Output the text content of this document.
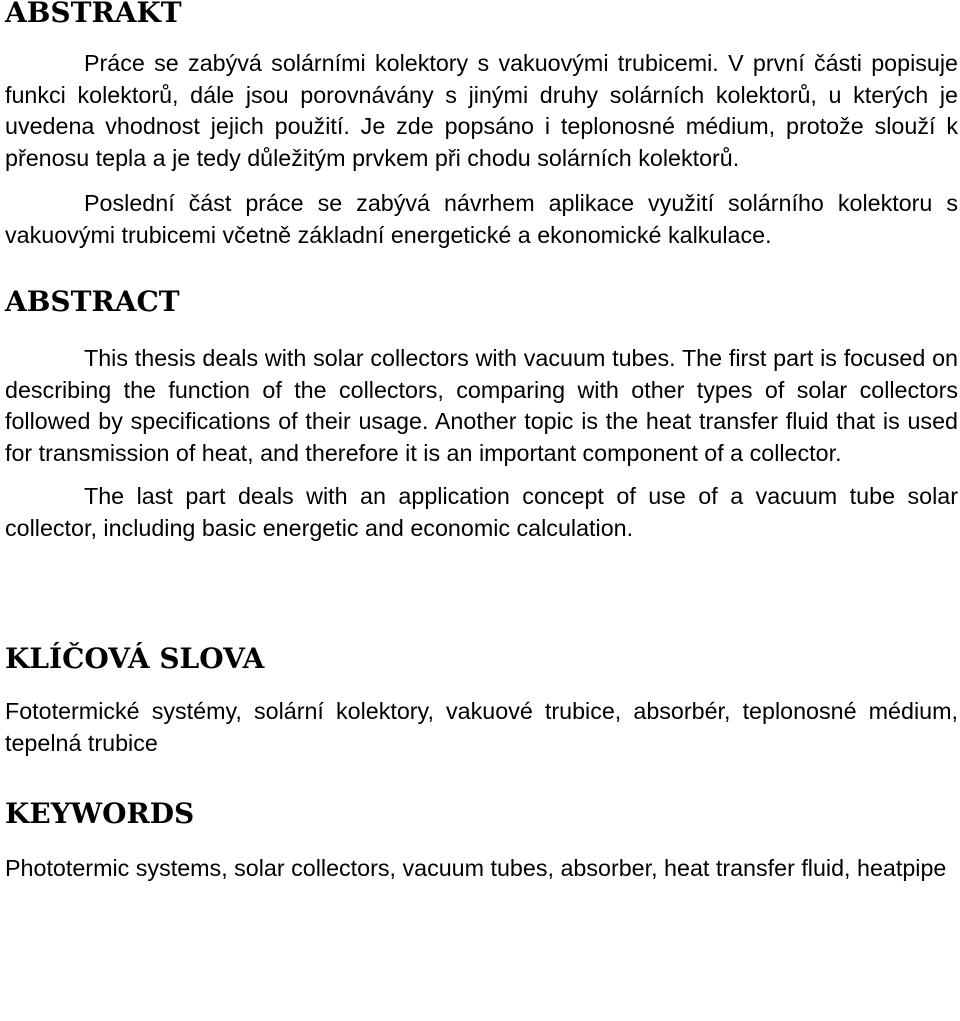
ABSTRAKT

Práce se zabývá solárními kolektory s vakuovými trubicemi. V první části popisuje funkci kolektorů, dále jsou porovnávány s jinými druhy solárních kolektorů, u kterých je uvedena vhodnost jejich použití. Je zde popsáno i teplonosné médium, protože slouží k přenosu tepla a je tedy důležitým prvkem při chodu solárních kolektorů.

Poslední část práce se zabývá návrhem aplikace využití solárního kolektoru s vakuovými trubicemi včetně základní energetické a ekonomické kalkulace.

ABSTRACT

This thesis deals with solar collectors with vacuum tubes. The first part is focused on describing the function of the collectors, comparing with other types of solar collectors followed by specifications of their usage. Another topic is the heat transfer fluid that is used for transmission of heat, and therefore it is an important component of a collector.

The last part deals with an application concept of use of a vacuum tube solar collector, including basic energetic and economic calculation.

KLÍČOVÁ SLOVA

Fototermické systémy, solární kolektory, vakuové trubice, absorbér, teplonosné médium, tepelná trubice

KEYWORDS

Phototermic systems, solar collectors, vacuum tubes, absorber, heat transfer fluid, heatpipe
